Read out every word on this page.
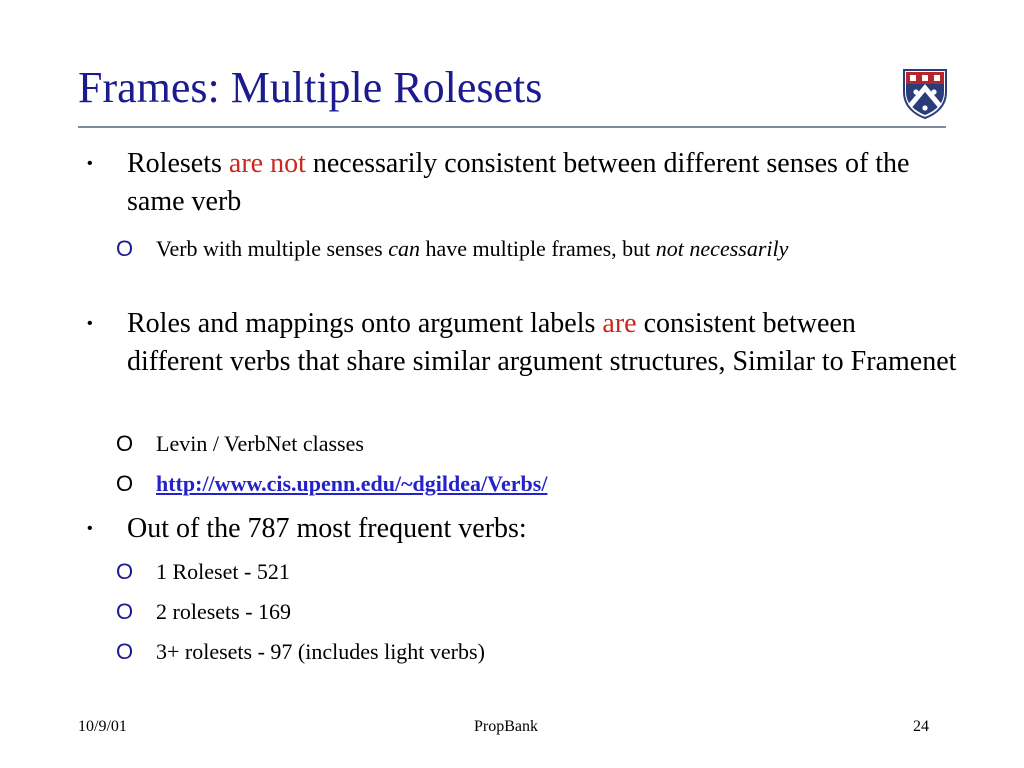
Frames: Multiple Rolesets
• Rolesets are not necessarily consistent between different senses of the same verb
O Verb with multiple senses can have multiple frames, but not necessarily
• Roles and mappings onto argument labels are consistent between different verbs that share similar argument structures, Similar to Framenet
O Levin / VerbNet classes
O http://www.cis.upenn.edu/~dgildea/Verbs/
• Out of the 787 most frequent verbs:
O 1 Roleset - 521
O 2 rolesets - 169
O 3+ rolesets - 97 (includes light verbs)
10/9/01	PropBank	24
